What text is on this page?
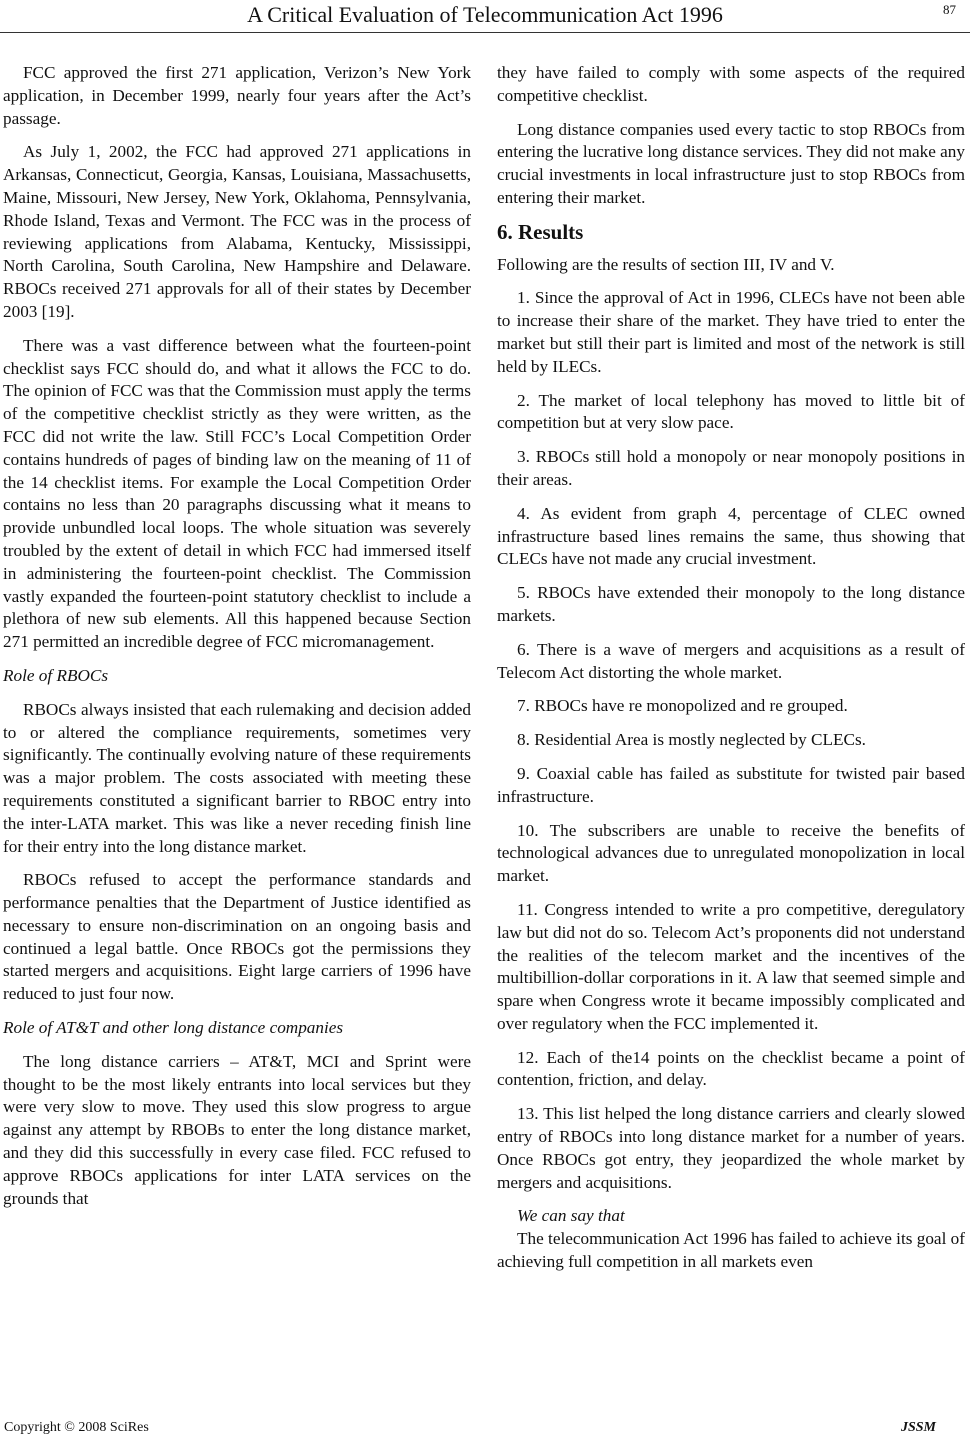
A Critical Evaluation of Telecommunication Act 1996	87

FCC approved the first 271 application, Verizon’s New York application, in December 1999, nearly four years after the Act’s passage.

As July 1, 2002, the FCC had approved 271 applications in Arkansas, Connecticut, Georgia, Kansas, Louisiana, Massachusetts, Maine, Missouri, New Jersey, New York, Oklahoma, Pennsylvania, Rhode Island, Texas and Vermont. The FCC was in the process of reviewing applications from Alabama, Kentucky, Mississippi, North Carolina, South Carolina, New Hampshire and Delaware. RBOCs received 271 approvals for all of their states by December 2003 [19].

There was a vast difference between what the fourteen-point checklist says FCC should do, and what it allows the FCC to do. The opinion of FCC was that the Commission must apply the terms of the competitive checklist strictly as they were written, as the FCC did not write the law. Still FCC’s Local Competition Order contains hundreds of pages of binding law on the meaning of 11 of the 14 checklist items. For example the Local Competition Order contains no less than 20 paragraphs discussing what it means to provide unbundled local loops. The whole situation was severely troubled by the extent of detail in which FCC had immersed itself in administering the fourteen-point checklist. The Commission vastly expanded the fourteen-point statutory checklist to include a plethora of new sub elements. All this happened because Section 271 permitted an incredible degree of FCC micromanagement.

Role of RBOCs

RBOCs always insisted that each rulemaking and decision added to or altered the compliance requirements, sometimes very significantly. The continually evolving nature of these requirements was a major problem. The costs associated with meeting these requirements constituted a significant barrier to RBOC entry into the inter-LATA market. This was like a never receding finish line for their entry into the long distance market.

RBOCs refused to accept the performance standards and performance penalties that the Department of Justice identified as necessary to ensure non-discrimination on an ongoing basis and continued a legal battle. Once RBOCs got the permissions they started mergers and acquisitions. Eight large carriers of 1996 have reduced to just four now.

Role of AT&T and other long distance companies

The long distance carriers – AT&T, MCI and Sprint were thought to be the most likely entrants into local services but they were very slow to move. They used this slow progress to argue against any attempt by RBOBs to enter the long distance market, and they did this successfully in every case filed. FCC refused to approve RBOCs applications for inter LATA services on the grounds that

they have failed to comply with some aspects of the required competitive checklist.

Long distance companies used every tactic to stop RBOCs from entering the lucrative long distance services. They did not make any crucial investments in local infrastructure just to stop RBOCs from entering their market.

6. Results

Following are the results of section III, IV and V.

1. Since the approval of Act in 1996, CLECs have not been able to increase their share of the market. They have tried to enter the market but still their part is limited and most of the network is still held by ILECs.

2. The market of local telephony has moved to little bit of competition but at very slow pace.

3. RBOCs still hold a monopoly or near monopoly positions in their areas.

4. As evident from graph 4, percentage of CLEC owned infrastructure based lines remains the same, thus showing that CLECs have not made any crucial investment.

5. RBOCs have extended their monopoly to the long distance markets.

6. There is a wave of mergers and acquisitions as a result of Telecom Act distorting the whole market.

7. RBOCs have re monopolized and re grouped.

8. Residential Area is mostly neglected by CLECs.

9. Coaxial cable has failed as substitute for twisted pair based infrastructure.

10. The subscribers are unable to receive the benefits of technological advances due to unregulated monopolization in local market.

11. Congress intended to write a pro competitive, deregulatory law but did not do so. Telecom Act’s proponents did not understand the realities of the telecom market and the incentives of the multibillion-dollar corporations in it. A law that seemed simple and spare when Congress wrote it became impossibly complicated and over regulatory when the FCC implemented it.

12. Each of the14 points on the checklist became a point of contention, friction, and delay.

13. This list helped the long distance carriers and clearly slowed entry of RBOCs into long distance market for a number of years. Once RBOCs got entry, they jeopardized the whole market by mergers and acquisitions.

We can say that

The telecommunication Act 1996 has failed to achieve its goal of achieving full competition in all markets even

Copyright © 2008 SciRes	JSSM
